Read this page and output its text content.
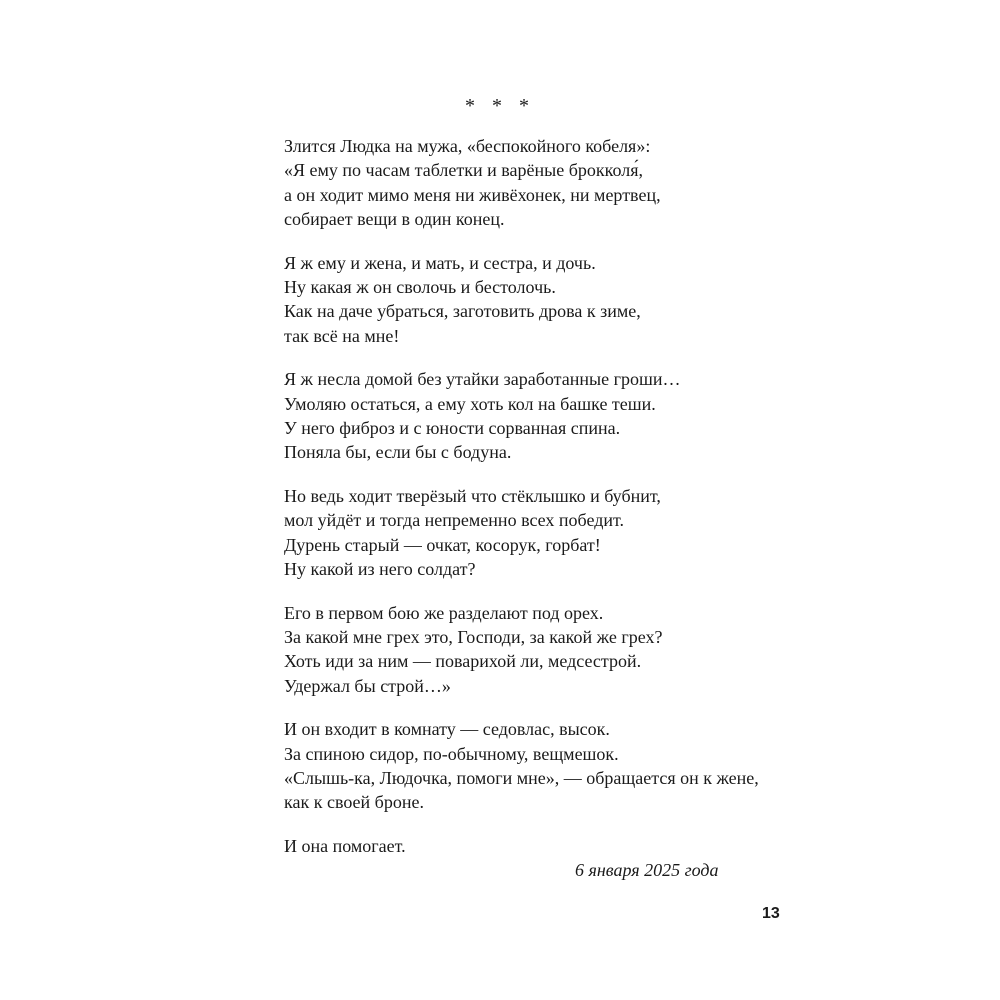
* * *
Злится Людка на мужа, «беспокойного кобеля»:
«Я ему по часам таблетки и варёные брокколя́,
а он ходит мимо меня ни живёхонек, ни мертвец,
собирает вещи в один конец.
Я ж ему и жена, и мать, и сестра, и дочь.
Ну какая ж он сволочь и бестолочь.
Как на даче убраться, заготовить дрова к зиме,
так всё на мне!
Я ж несла домой без утайки заработанные гроши…
Умоляю остаться, а ему хоть кол на башке теши.
У него фиброз и с юности сорванная спина.
Поняла бы, если бы с бодуна.
Но ведь ходит тверёзый что стёклышко и бубнит,
мол уйдёт и тогда непременно всех победит.
Дурень старый — очкат, косорук, горбат!
Ну какой из него солдат?
Его в первом бою же разделают под орех.
За какой мне грех это, Господи, за какой же грех?
Хоть иди за ним — поварихой ли, медсестрой.
Удержал бы строй…»
И он входит в комнату — седовлас, высок.
За спиною сидор, по-обычному, вещмешок.
«Слышь-ка, Людочка, помоги мне», — обращается он к жене,
как к своей броне.
И она помогает.
6 января 2025 года
13
